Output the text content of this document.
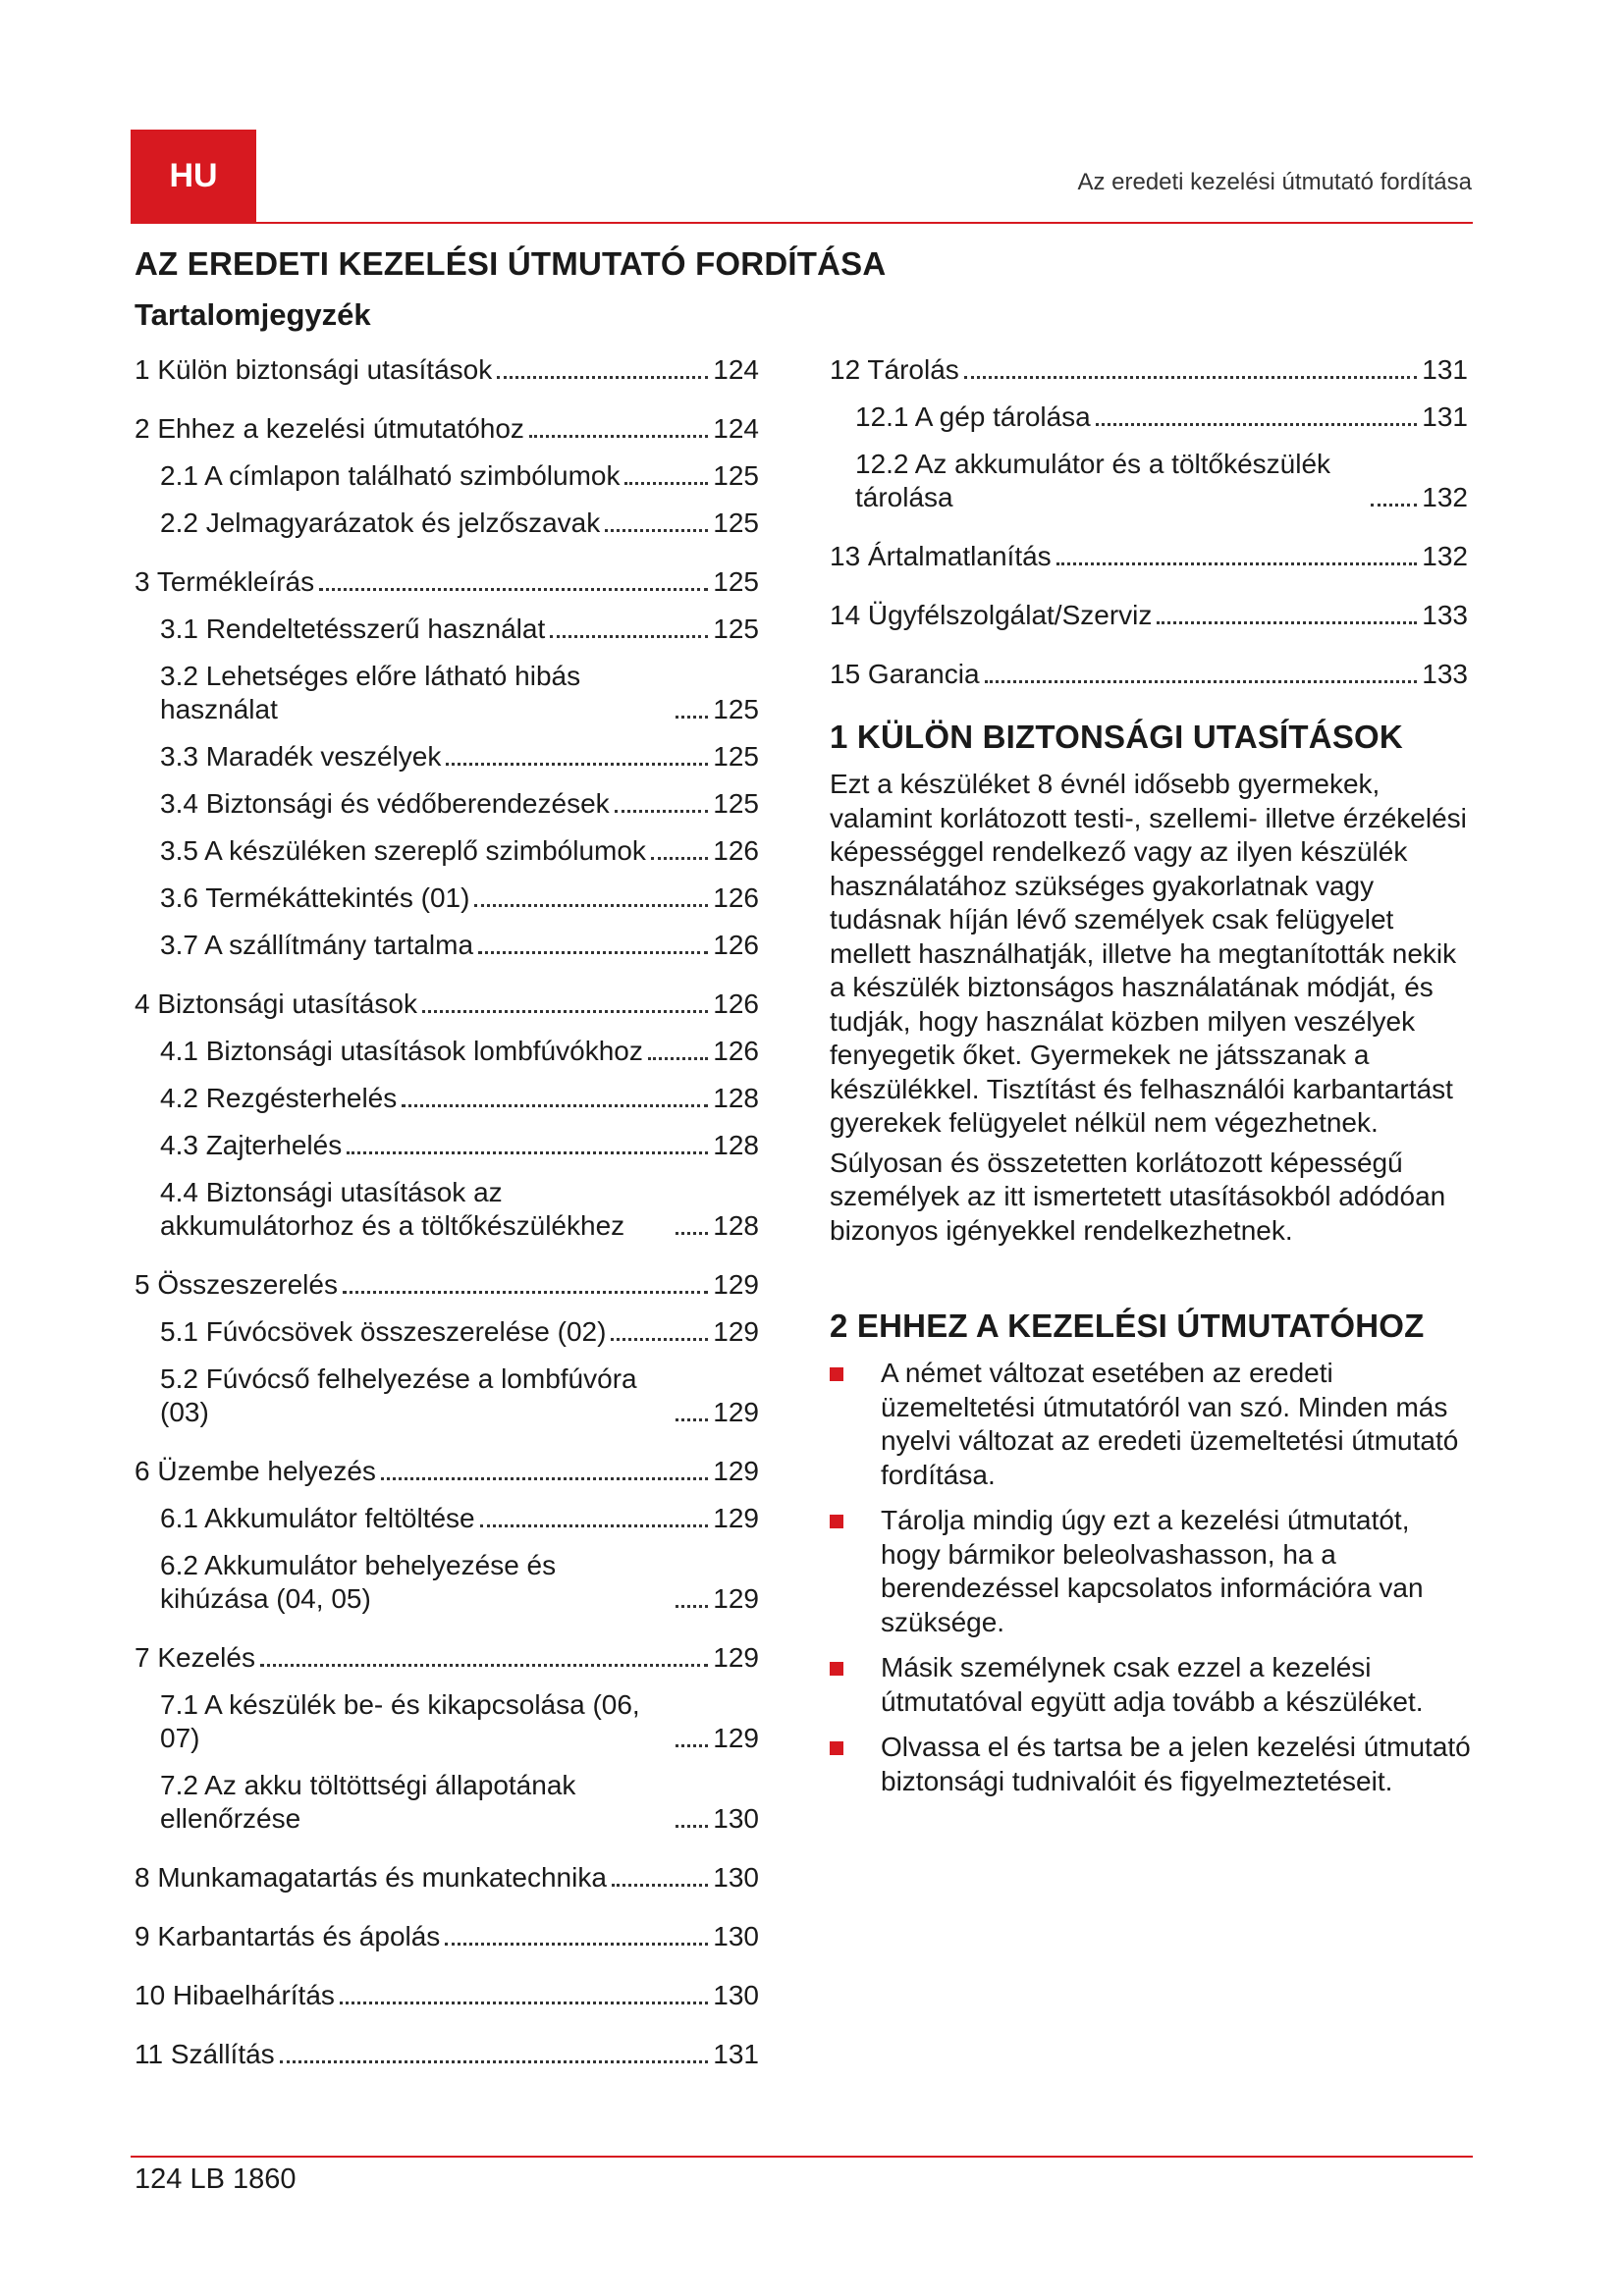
HU	Az eredeti kezelési útmutató fordítása
AZ EREDETI KEZELÉSI ÚTMUTATÓ FORDÍTÁSA
Tartalomjegyzék
1 Külön biztonsági utasítások	124
2 Ehhez a kezelési útmutatóhoz	124
2.1 A címlapon található szimbólumok	125
2.2 Jelmagyarázatok és jelzőszavak	125
3 Termékleírás	125
3.1 Rendeltetésszerű használat	125
3.2 Lehetséges előre látható hibás használat	125
3.3 Maradék veszélyek	125
3.4 Biztonsági és védőberendezések	125
3.5 A készüléken szereplő szimbólumok 126
3.6 Termékáttekintés (01)	126
3.7 A szállítmány tartalma	126
4 Biztonsági utasítások	126
4.1 Biztonsági utasítások lombfúvókhoz	126
4.2 Rezgésterhelés	128
4.3 Zajterhelés	128
4.4 Biztonsági utasítások az akkumulátorhoz és a töltőkészülékhez	128
5 Összeszerelés	129
5.1 Fúvócsövek összeszerelése (02)	129
5.2 Fúvócső felhelyezése a lombfúvóra (03)	129
6 Üzembe helyezés	129
6.1 Akkumulátor feltöltése	129
6.2 Akkumulátor behelyezése és kihúzása (04, 05)	129
7 Kezelés	129
7.1 A készülék be- és kikapcsolása (06, 07)	129
7.2 Az akku töltöttségi állapotának ellenőrzése	130
8 Munkamagatartás és munkatechnika	130
9 Karbantartás és ápolás	130
10 Hibaelhárítás	130
11 Szállítás	131
12 Tárolás	131
12.1 A gép tárolása	131
12.2 Az akkumulátor és a töltőkészülék tárolása	132
13 Ártalmatlanítás	132
14 Ügyfélszolgálat/Szerviz	133
15 Garancia	133
1 KÜLÖN BIZTONSÁGI UTASÍTÁSOK

Ezt a készüléket 8 évnél idősebb gyermekek, valamint korlátozott testi-, szellemi- illetve érzékelési képességgel rendelkező vagy az ilyen készülék használatához szükséges gyakorlatnak vagy tudásnak híján lévő személyek csak felügyelet mellett használhatják, illetve ha megtanították nekik a készülék biztonságos használatának módját, és tudják, hogy használat közben milyen veszélyek fenyegetik őket. Gyermekek ne játsszanak a készülékkel. Tisztítást és felhasználói karbantartást gyerekek felügyelet nélkül nem végezhetnek.

Súlyosan és összetetten korlátozott képességű személyek az itt ismertetett utasításokból adódóan bizonyos igényekkel rendelkezhetnek.

2 EHHEZ A KEZELÉSI ÚTMUTATÓHOZ
A német változat esetében az eredeti üzemeltetési útmutatóról van szó. Minden más nyelvi változat az eredeti üzemeltetési útmutató fordítása.
Tárolja mindig úgy ezt a kezelési útmutatót, hogy bármikor beleolvashasson, ha a berendezéssel kapcsolatos információra van szüksége.
Másik személynek csak ezzel a kezelési útmutatóval együtt adja tovább a készüléket.
Olvassa el és tartsa be a jelen kezelési útmutató biztonsági tudnivalóit és figyelmeztetéseit.
124 LB 1860
